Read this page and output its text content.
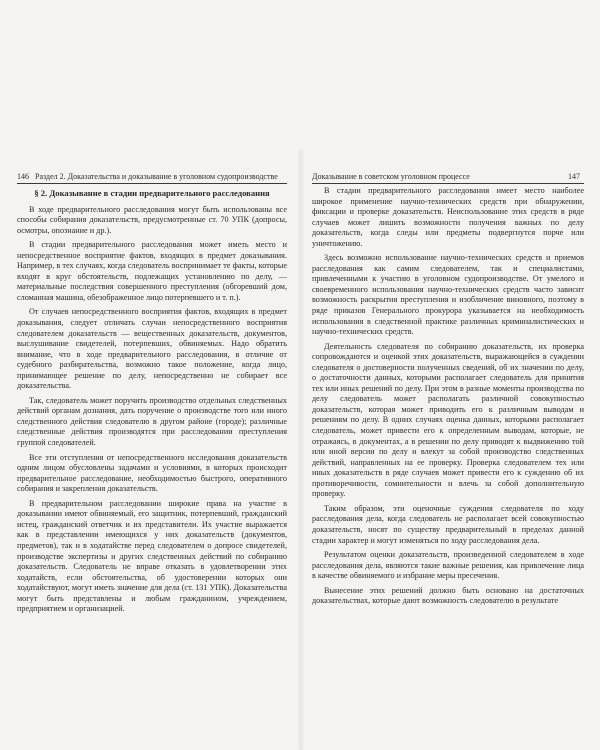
146 Раздел 2. Доказательства и доказывание в уголовном судопроизводстве
§ 2. Доказывание в стадии предварительного расследования

В ходе предварительного расследования могут быть использованы все способы собирания доказательств, предусмотренные ст. 70 УПК (допросы, осмотры, опознание и др.).

В стадии предварительного расследования может иметь место и непосредственное восприятие фактов, входящих в предмет доказывания. Например, в тех случаях, когда следователь воспринимает те факты, которые входят в круг обстоятельств, подлежащих установлению по делу, — материальные последствия совершенного преступления (обгоревший дом, сломанная машина, обезображенное лицо потерпевшего и т. п.).

От случаев непосредственного восприятия фактов, входящих в предмет доказывания, следует отличать случаи непосредственного восприятия следователем доказательств — вещественных доказательств, документов, выслушивание свидетелей, потерпевших, обвиняемых. Надо обратить внимание, что в ходе предварительного расследования, в отличие от судебного разбирательства, возможно такое положение, когда лицо, принимающее решение по делу, непосредственно не собирает все доказательства.

Так, следователь может поручить производство отдельных следственных действий органам дознания, дать поручение о производстве того или иного следственного действия следователю в другом районе (городе); различные следственные действия производятся при расследовании преступления группой следователей.

Все эти отступления от непосредственного исследования доказательств одним лицом обусловлены задачами и условиями, в которых происходит предварительное расследование, необходимостью быстрого, оперативного собирания и закрепления доказательств.

В предварительном расследовании широкие права на участие в доказывании имеют обвиняемый, его защитник, потерпевший, гражданский истец, гражданский ответчик и их представители. Их участие выражается как в представлении имеющихся у них доказательств (документов, предметов), так и в ходатайстве перед следователем о допросе свидетелей, производстве экспертизы и других следственных действий по собиранию доказательств. Следователь не вправе отказать в удовлетворении этих ходатайств, если обстоятельства, об удостоверении которых они ходатайствуют, могут иметь значение для дела (ст. 131 УПК). Доказательства могут быть представлены и любым гражданином, учреждением, предприятием и организацией.

Доказывание в советском уголовном процессе	147

В стадии предварительного расследования имеет место наиболее широкое применение научно-технических средств при обнаружении, фиксации и проверке доказательств. Неиспользование этих средств в ряде случаев может лишить возможности получения важных по делу доказательств, когда следы или предметы подвергнутся порче или уничтожению.

Здесь возможно использование научно-технических средств и приемов расследования как самим следователем, так и специалистами, привлеченными к участию в уголовном судопроизводстве. От умелого и своевременного использования научно-технических средств часто зависит возможность раскрытия преступления и изобличение виновного, поэтому в ряде приказов Генерального прокурора указывается на необходимость использования в следственной практике различных криминалистических и научно-технических средств.

Деятельность следователя по собиранию доказательств, их проверка сопровождаются и оценкой этих доказательств, выражающейся в суждении следователя о достоверности полученных сведений, об их значении по делу, о достаточности данных, которыми располагает следователь для принятия тех или иных решений по делу. При этом в разные моменты производства по делу следователь может располагать различной совокупностью доказательств, которая может приводить его к различным выводам и решениям по делу. В одних случаях оценка данных, которыми располагает следователь, может привести его к определенным выводам, которые, не отражаясь, в документах, а в решении по делу приводят к выдвижению той или иной версии по делу и влекут за собой производство следственных действий, направленных на ее проверку. Проверка следователем тех или иных доказательств в ряде случаев может привести его к суждению об их противоречивости, сомнительности и влечь за собой дополнительную проверку.

Таким образом, эти оценочные суждения следователя по ходу расследования дела, когда следователь не располагает всей совокупностью доказательств, носят по существу предварительный в пределах данной стадии характер и могут изменяться по ходу расследования дела.

Результатом оценки доказательств, произведенной следователем в ходе расследования дела, являются такие важные решения, как привлечение лица в качестве обвиняемого и избрание меры пресечения.

Вынесение этих решений должно быть основано на достаточных доказательствах, которые дают возможность следователю в результате
